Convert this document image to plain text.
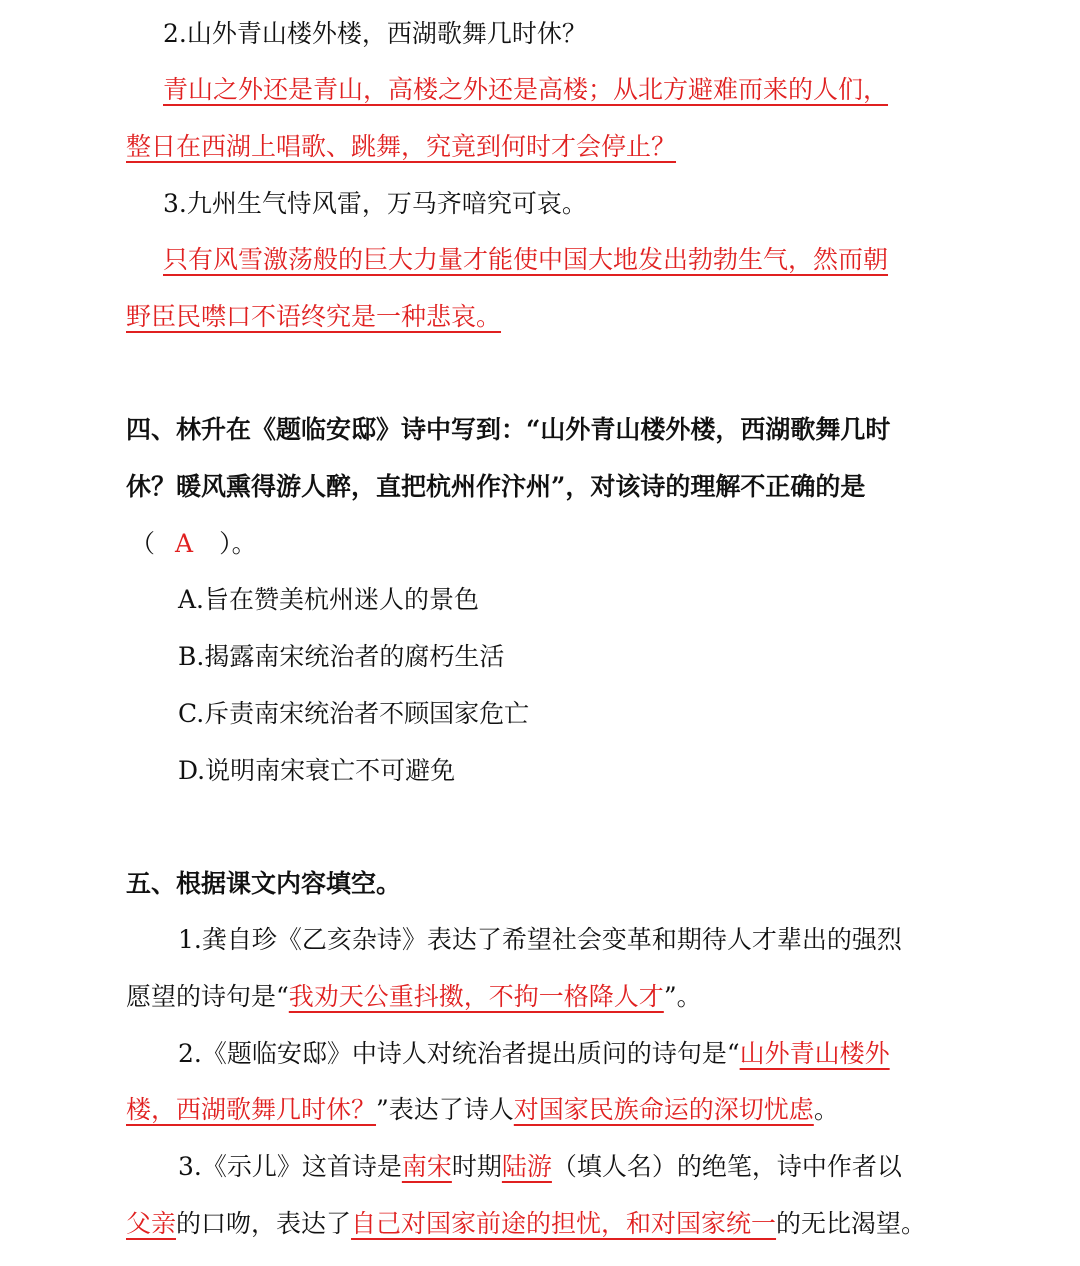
2.山外青山楼外楼，西湖歌舞几时休？
青山之外还是青山，高楼之外还是高楼；从北方避难而来的人们，
整日在西湖上唱歌、跳舞，究竟到何时才会停止？
3.九州生气恃风雷，万马齐喑究可哀。
只有风雪激荡般的巨大力量才能使中国大地发出勃勃生气，然而朝
野臣民噤口不语终究是一种悲哀。
四、林升在《题临安邸》诗中写到：“山外青山楼外楼，西湖歌舞几时
休？暖风熏得游人醉，直把杭州作汴州”，对该诗的理解不正确的是
（ A ）。
A.旨在赞美杭州迷人的景色
B.揭露南宋统治者的腐朽生活
C.斥责南宋统治者不顾国家危亡
D.说明南宋衰亡不可避免
五、根据课文内容填空。
1.龚自珍《乙亥杂诗》表达了希望社会变革和期待人才辈出的强烈
愿望的诗句是“我劝天公重抖擞，不拘一格降人才”。
2.《题临安邸》中诗人对统治者提出质问的诗句是“山外青山楼外
楼，西湖歌舞几时休？”表达了诗人对国家民族命运的深切忧虑。
3.《示儿》这首诗是南宋时期陆游（填人名）的绝笔，诗中作者以
父亲的口吻，表达了自己对国家前途的担忧，和对国家统一的无比渴望。
